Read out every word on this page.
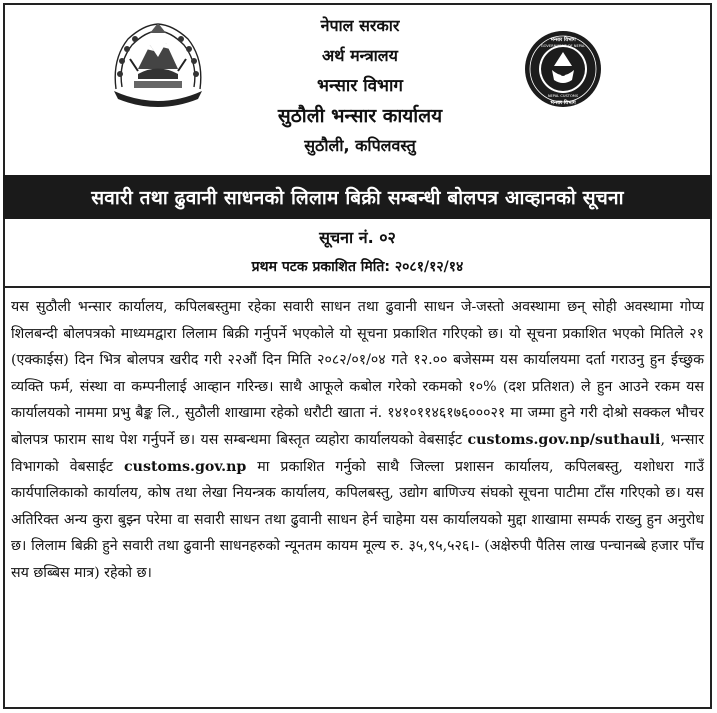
नेपाल सरकार
अर्थ मन्त्रालय
भन्सार विभाग
सुठौली भन्सार कार्यालय
सुठौली, कपिलवस्तु
भन्सार विभाग
GOVERNMENT OF NEPAL
NEPAL CUSTOMS
भन्सार विभाग
सवारी तथा ढुवानी साधनको लिलाम बिक्री सम्बन्धी बोलपत्र आव्हानको सूचना
सूचना नं. ०२
प्रथम पटक प्रकाशित मिति: २०८१/१२/१४
यस सुठौली भन्सार कार्यालय, कपिलबस्तुमा रहेका सवारी साधन तथा ढुवानी साधन जे-जस्तो अवस्थामा छन् सोही अवस्थामा गोप्य शिलबन्दी बोलपत्रको माध्यमद्वारा लिलाम बिक्री गर्नुपर्ने भएकोले यो सूचना प्रकाशित गरिएको छ। यो सूचना प्रकाशित भएको मितिले २१ (एक्काईस) दिन भित्र बोलपत्र खरीद गरी २२औं दिन मिति २०८२/०१/०४ गते १२.०० बजेसम्म यस कार्यालयमा दर्ता गराउनु हुन ईच्छुक व्यक्ति फर्म, संस्था वा कम्पनीलाई आव्हान गरिन्छ। साथै आफूले कबोल गरेको रकमको १०% (दश प्रतिशत) ले हुन आउने रकम यस कार्यालयको नाममा प्रभु बैङ्क लि., सुठौली शाखामा रहेको धरौटी खाता नं. १४१०११४६१७६०००२१ मा जम्मा हुने गरी दोश्रो सक्कल भौचर बोलपत्र फाराम साथ पेश गर्नुपर्ने छ। यस सम्बन्धमा बिस्तृत व्यहोरा कार्यालयको वेबसाईट customs.gov.np/suthauli, भन्सार विभागको वेबसाईट customs.gov.np मा प्रकाशित गर्नुको साथै जिल्ला प्रशासन कार्यालय, कपिलबस्तु, यशोधरा गाउँ कार्यपालिकाको कार्यालय, कोष तथा लेखा नियन्त्रक कार्यालय, कपिलबस्तु, उद्योग बाणिज्य संघको सूचना पाटीमा टाँस गरिएको छ। यस अतिरिक्त अन्य कुरा बुझ्न परेमा वा सवारी साधन तथा ढुवानी साधन हेर्न चाहेमा यस कार्यालयको मुद्दा शाखामा सम्पर्क राख्नु हुन अनुरोध छ। लिलाम बिक्री हुने सवारी तथा ढुवानी साधनहरुको न्यूनतम कायम मूल्य रु. ३५,९५,५२६।- (अक्षेरुपी पैतिस लाख पन्चानब्बे हजार पाँच सय छब्बिस मात्र) रहेको छ।
